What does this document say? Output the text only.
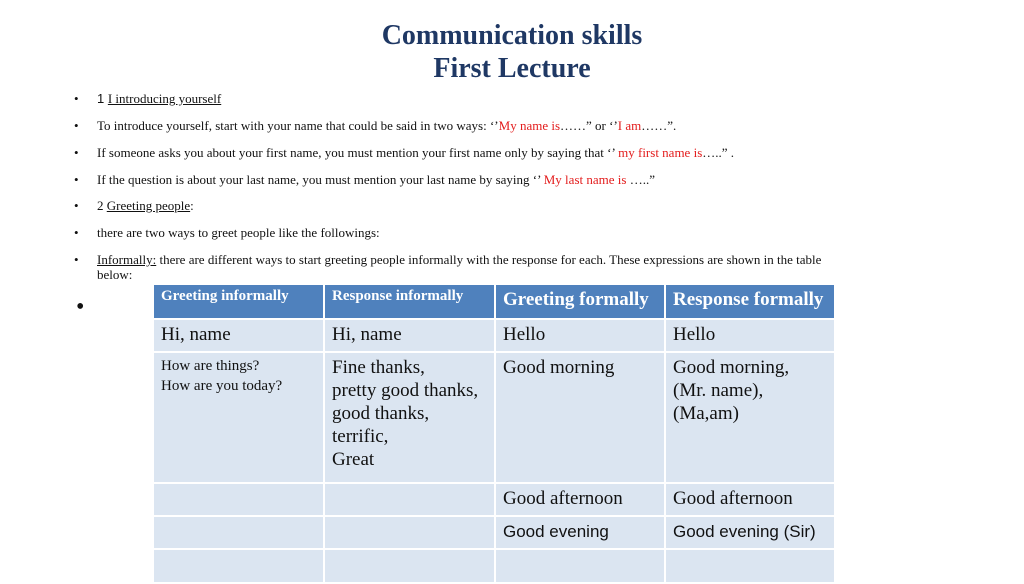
Communication skills
First Lecture
• 1 I introducing yourself
• To introduce yourself, start with your name that could be said in two ways: ‘’My name is……” or ‘’I am……”.
• If someone asks you about your first name, you must mention your first name only by saying that ‘’ my first name is…..” .
• If the question is about your last name, you must mention your last name by saying ‘’ My last name is …..”
• 2 Greeting people:
• there are two ways to greet people like the followings:
• Informally: there are different ways to start greeting people informally with the response for each. These expressions are shown in the table
below:
•	Greeting informally	Response informally	Greeting formally	Response formally
Hi, name	Hi, name	Hello	Hello

How are things?
How are you today?	Fine thanks,
pretty good thanks,
good thanks,
terrific,
Great	Good morning	Good morning,
(Mr. name),
(Ma,am)

		Good afternoon	Good afternoon
		Good evening	Good evening (Sir)
